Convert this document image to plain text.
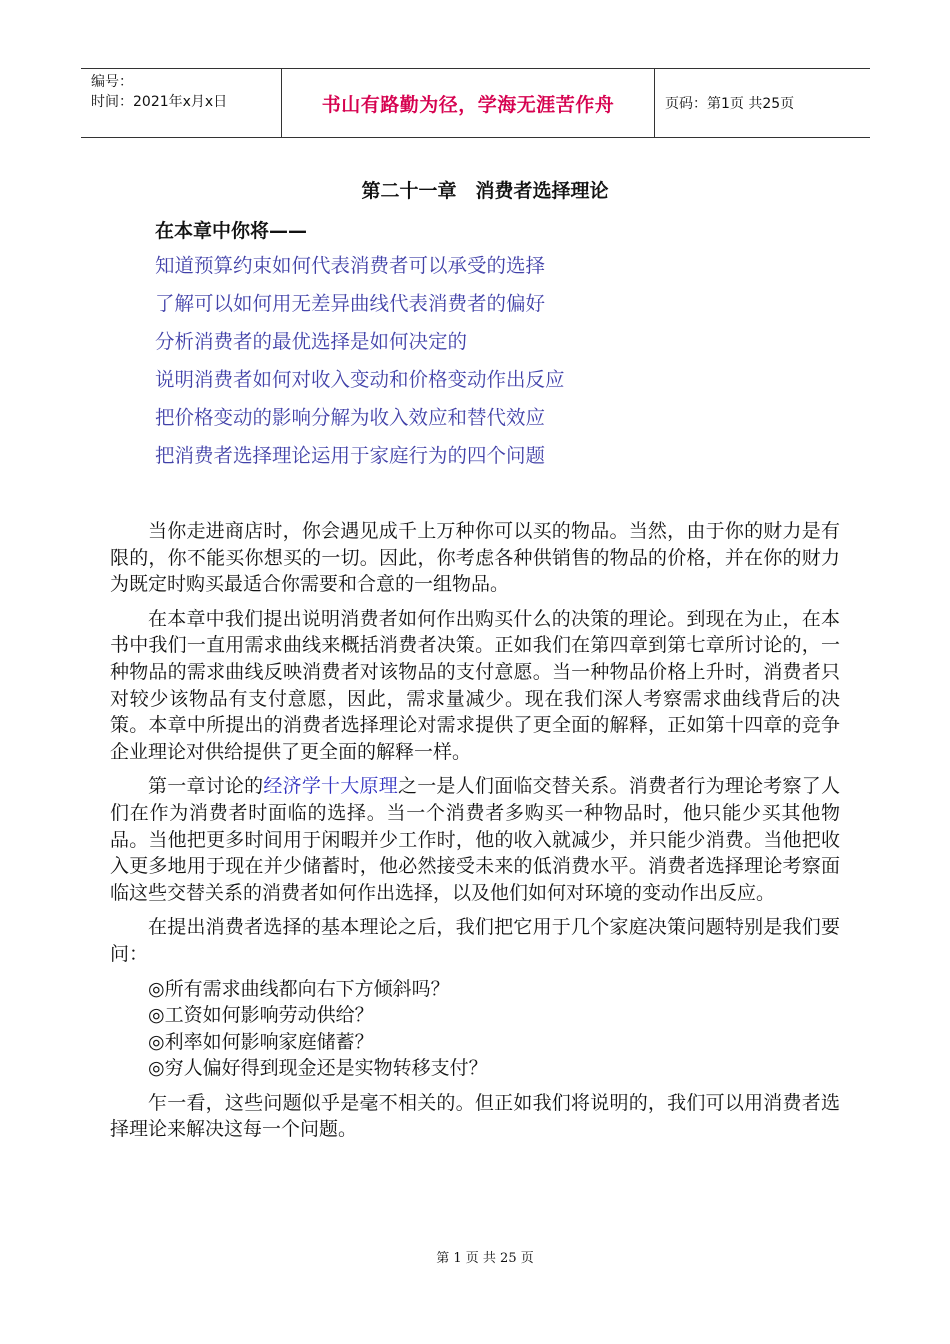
编号：
时间：2021年x月x日	书山有路勤为径，学海无涯苦作舟	页码：第1页 共25页
第二十一章　消费者选择理论
在本章中你将——
知道预算约束如何代表消费者可以承受的选择
了解可以如何用无差异曲线代表消费者的偏好
分析消费者的最优选择是如何决定的
说明消费者如何对收入变动和价格变动作出反应
把价格变动的影响分解为收入效应和替代效应
把消费者选择理论运用于家庭行为的四个问题

当你走进商店时，你会遇见成千上万种你可以买的物品。当然，由于你的财力是有限的，你不能买你想买的一切。因此，你考虑各种供销售的物品的价格，并在你的财力为既定时购买最适合你需要和合意的一组物品。

在本章中我们提出说明消费者如何作出购买什么的决策的理论。到现在为止，在本书中我们一直用需求曲线来概括消费者决策。正如我们在第四章到第七章所讨论的，一种物品的需求曲线反映消费者对该物品的支付意愿。当一种物品价格上升时，消费者只对较少该物品有支付意愿，因此，需求量减少。现在我们深人考察需求曲线背后的决策。本章中所提出的消费者选择理论对需求提供了更全面的解释，正如第十四章的竞争企业理论对供给提供了更全面的解释一样。

第一章讨论的经济学十大原理之一是人们面临交替关系。消费者行为理论考察了人们在作为消费者时面临的选择。当一个消费者多购买一种物品时，他只能少买其他物品。当他把更多时间用于闲暇并少工作时，他的收入就减少，并只能少消费。当他把收入更多地用于现在并少储蓄时，他必然接受未来的低消费水平。消费者选择理论考察面临这些交替关系的消费者如何作出选择，以及他们如何对环境的变动作出反应。

在提出消费者选择的基本理论之后，我们把它用于几个家庭决策问题特别是我们要问：

◎所有需求曲线都向右下方倾斜吗？
◎工资如何影响劳动供给？
◎利率如何影响家庭储蓄？
◎穷人偏好得到现金还是实物转移支付？

乍一看，这些问题似乎是毫不相关的。但正如我们将说明的，我们可以用消费者选择理论来解决这每一个问题。

第 1 页 共 25 页
